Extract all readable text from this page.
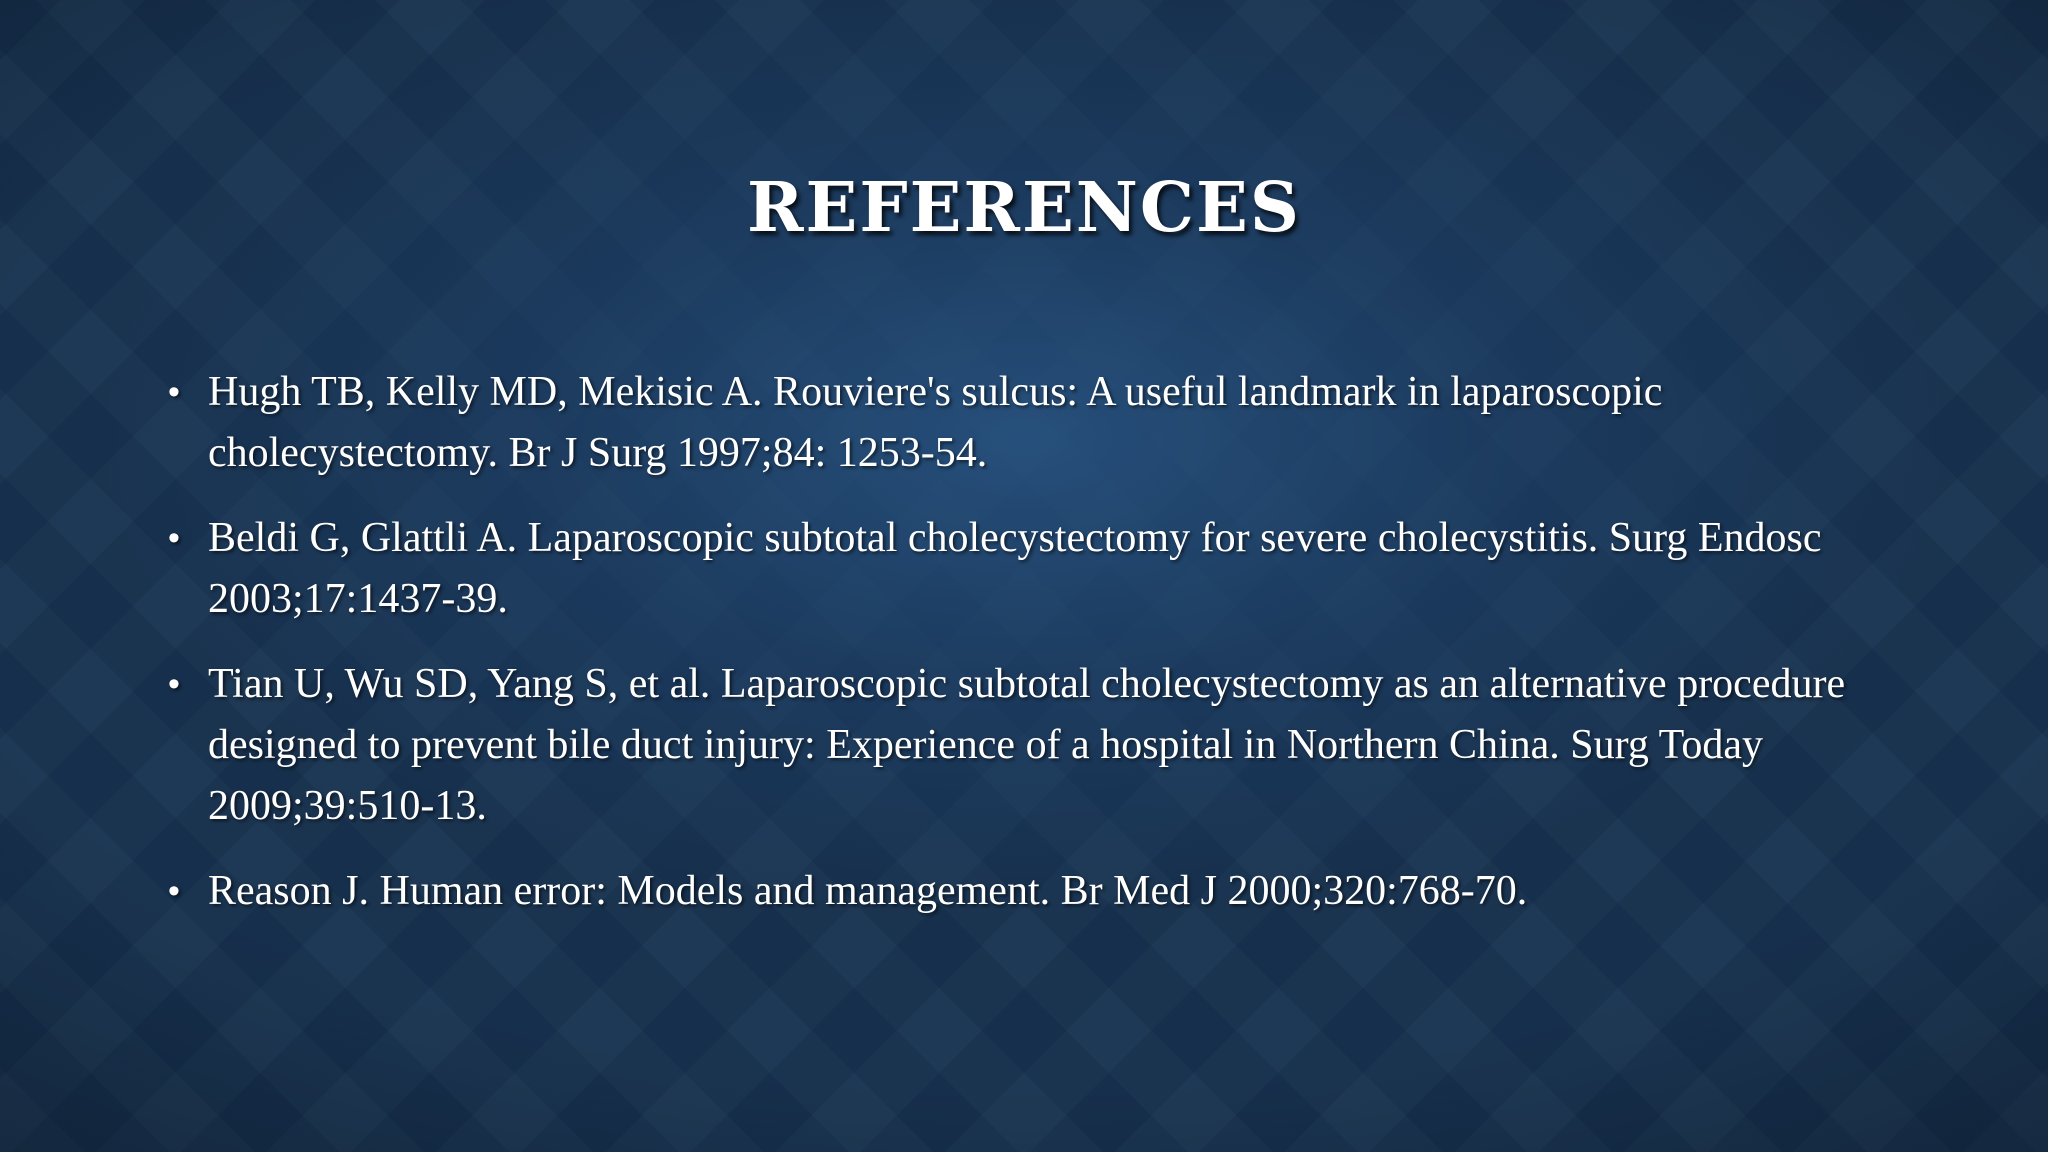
REFERENCES
• Hugh TB, Kelly MD, Mekisic A. Rouviere's sulcus: A useful landmark in laparoscopic cholecystectomy. Br J Surg 1997;84: 1253-54.
• Beldi G, Glattli A. Laparoscopic subtotal cholecystectomy for severe cholecystitis. Surg Endosc 2003;17:1437-39.
• Tian U, Wu SD, Yang S, et al. Laparoscopic subtotal cholecystectomy as an alternative procedure designed to prevent bile duct injury: Experience of a hospital in Northern China. Surg Today 2009;39:510-13.
• Reason J. Human error: Models and management. Br Med J 2000;320:768-70.
